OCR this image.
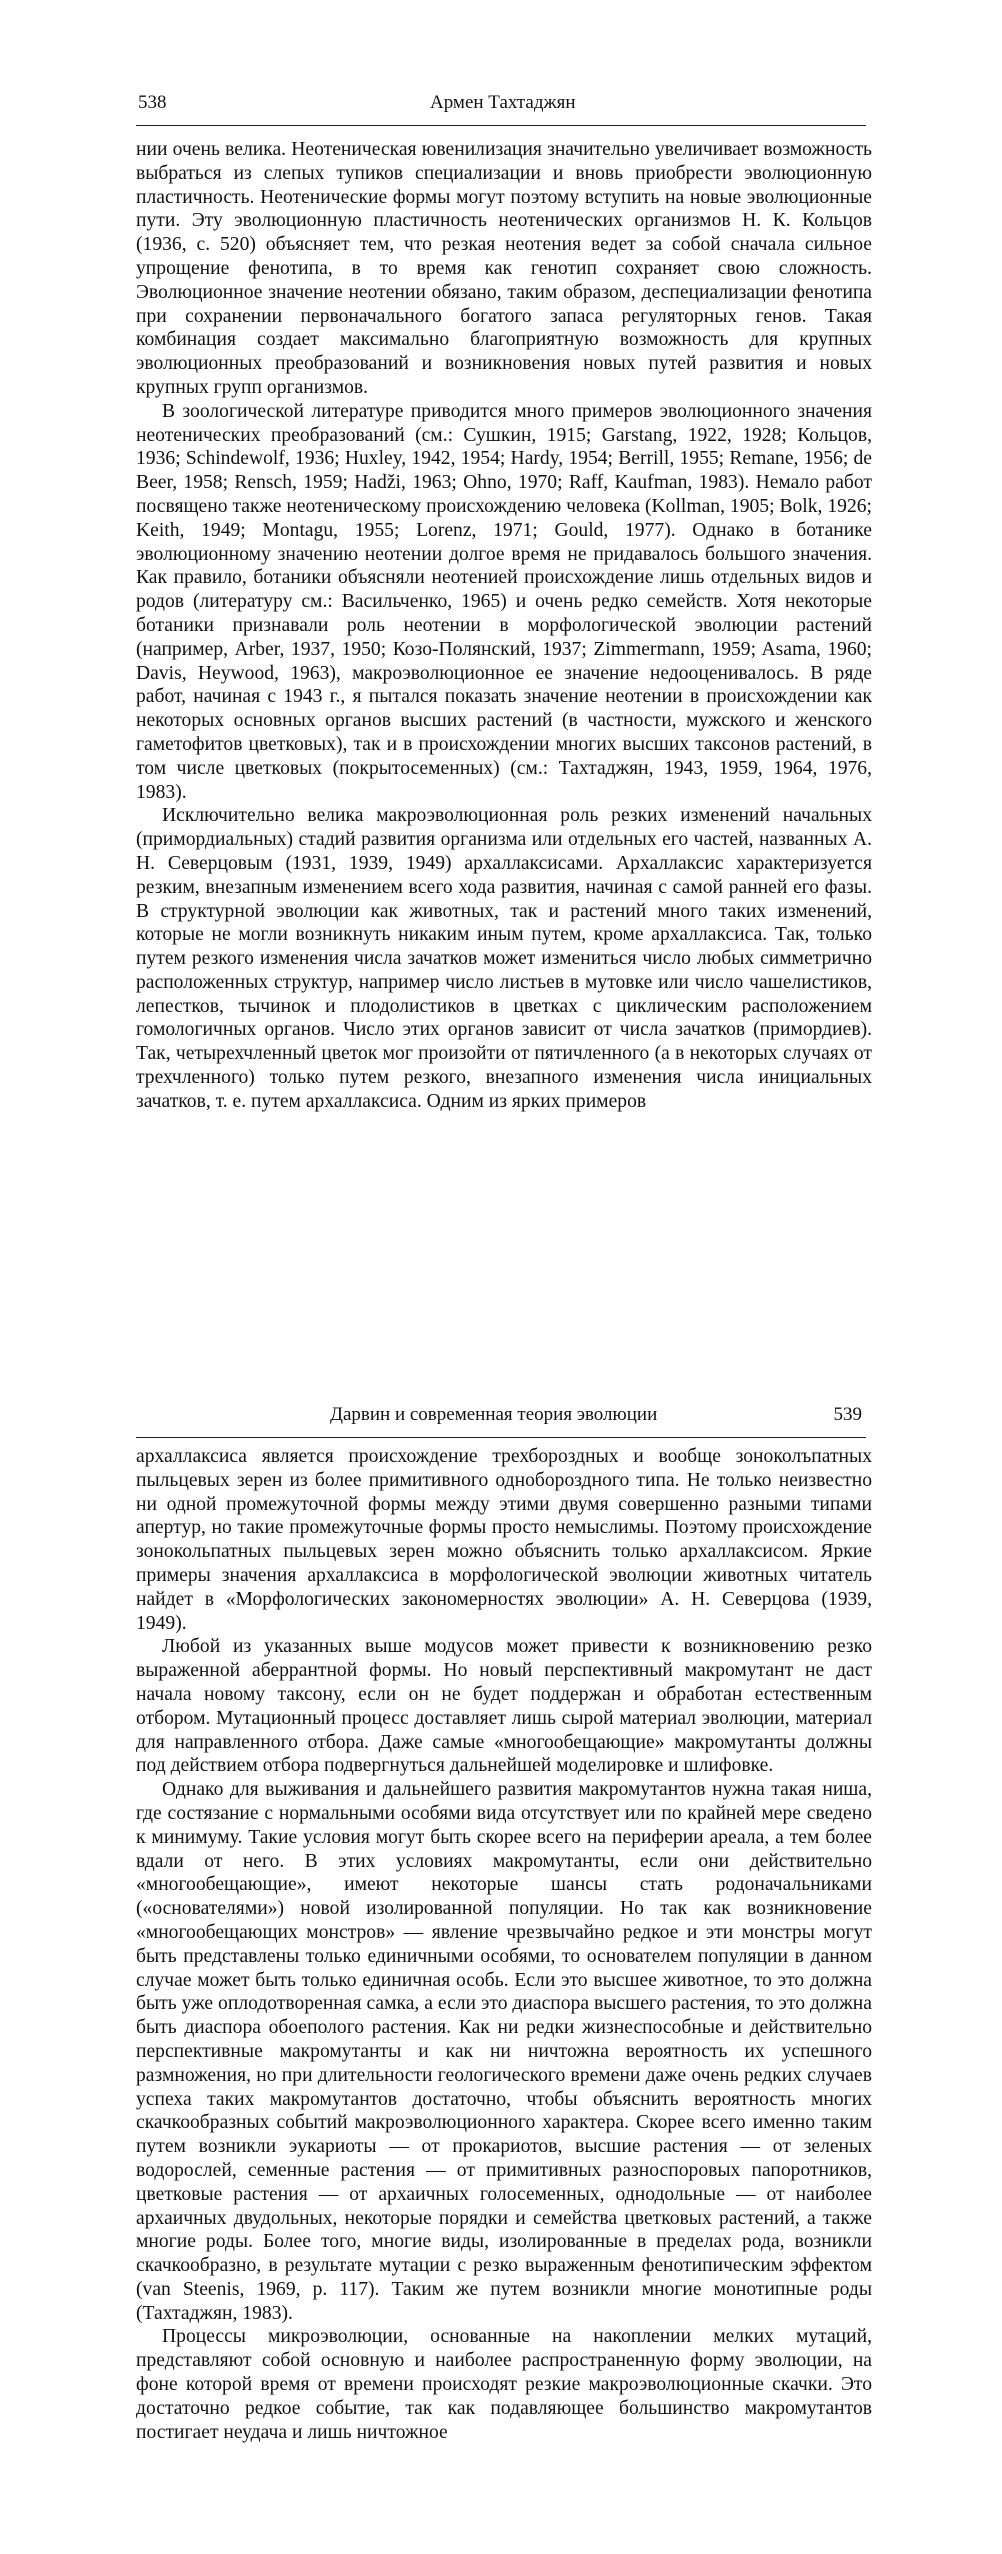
538	Армен Тахтаджян

нии очень велика. Неотеническая ювенилизация значительно увеличивает возможность выбраться из слепых тупиков специализации и вновь приобрести эволюционную пластичность. Неотенические формы могут поэтому вступить на новые эволюционные пути. Эту эволюционную пластичность неотенических организмов Н. К. Кольцов (1936, с. 520) объясняет тем, что резкая неотения ведет за собой сначала сильное упрощение фенотипа, в то время как генотип сохраняет свою сложность. Эволюционное значение неотении обязано, таким образом, деспециализации фенотипа при сохранении первоначального богатого запаса регуляторных генов. Такая комбинация создает максимально благоприятную возможность для крупных эволюционных преобразований и возникновения новых путей развития и новых крупных групп организмов.

В зоологической литературе приводится много примеров эволюционного значения неотенических преобразований (см.: Сушкин, 1915; Garstang, 1922, 1928; Кольцов, 1936; Schindewolf, 1936; Huxley, 1942, 1954; Hardy, 1954; Berrill, 1955; Remane, 1956; de Beer, 1958; Rensch, 1959; Hadži, 1963; Ohno, 1970; Raff, Kaufman, 1983). Немало работ посвящено также неотеническому происхождению человека (Kollman, 1905; Bolk, 1926; Keith, 1949; Montagu, 1955; Lorenz, 1971; Gould, 1977). Однако в ботанике эволюционному значению неотении долгое время не придавалось большого значения. Как правило, ботаники объясняли неотенией происхождение лишь отдельных видов и родов (литературу см.: Васильченко, 1965) и очень редко семейств. Хотя некоторые ботаники признавали роль неотении в морфологической эволюции растений (например, Arber, 1937, 1950; Козо-Полянский, 1937; Zimmermann, 1959; Asama, 1960; Davis, Heywood, 1963), макроэволюционное ее значение недооценивалось. В ряде работ, начиная с 1943 г., я пытался показать значение неотении в происхождении как некоторых основных органов высших растений (в частности, мужского и женского гаметофитов цветковых), так и в происхождении многих высших таксонов растений, в том числе цветковых (покрытосеменных) (см.: Тахтаджян, 1943, 1959, 1964, 1976, 1983).

Исключительно велика макроэволюционная роль резких изменений начальных (примордиальных) стадий развития организма или отдельных его частей, названных А. Н. Северцовым (1931, 1939, 1949) архаллаксисами. Архаллаксис характеризуется резким, внезапным изменением всего хода развития, начиная с самой ранней его фазы. В структурной эволюции как животных, так и растений много таких изменений, которые не могли возникнуть никаким иным путем, кроме архаллаксиса. Так, только путем резкого изменения числа зачатков может измениться число любых симметрично расположенных структур, например число листьев в мутовке или число чашелистиков, лепестков, тычинок и плодолистиков в цветках с циклическим расположением гомологичных органов. Число этих органов зависит от числа зачатков (примордиев). Так, четырехчленный цветок мог произойти от пятичленного (а в некоторых случаях от трехчленного) только путем резкого, внезапного изменения числа инициальных зачатков, т. е. путем архаллаксиса. Одним из ярких примеров

Дарвин и современная теория эволюции	539

архаллаксиса является происхождение трехбороздных и вообще зоноколъпатных пыльцевых зерен из более примитивного однобороздного типа. Не только неизвестно ни одной промежуточной формы между этими двумя совершенно разными типами апертур, но такие промежуточные формы просто немыслимы. Поэтому происхождение зонокольпатных пыльцевых зерен можно объяснить только архаллаксисом. Яркие примеры значения архаллаксиса в морфологической эволюции животных читатель найдет в «Морфологических закономерностях эволюции» А. Н. Северцова (1939, 1949).

Любой из указанных выше модусов может привести к возникновению резко выраженной аберрантной формы. Но новый перспективный макромутант не даст начала новому таксону, если он не будет поддержан и обработан естественным отбором. Мутационный процесс доставляет лишь сырой материал эволюции, материал для направленного отбора. Даже самые «многообещающие» макромутанты должны под действием отбора подвергнуться дальнейшей моделировке и шлифовке.

Однако для выживания и дальнейшего развития макромутантов нужна такая ниша, где состязание с нормальными особями вида отсутствует или по крайней мере сведено к минимуму. Такие условия могут быть скорее всего на периферии ареала, а тем более вдали от него. В этих условиях макромутанты, если они действительно «многообещающие», имеют некоторые шансы стать родоначальниками («основателями») новой изолированной популяции. Но так как возникновение «многообещающих монстров» — явление чрезвычайно редкое и эти монстры могут быть представлены только единичными особями, то основателем популяции в данном случае может быть только единичная особь. Если это высшее животное, то это должна быть уже оплодотворенная самка, а если это диаспора высшего растения, то это должна быть диаспора обоеполого растения. Как ни редки жизнеспособные и действительно перспективные макромутанты и как ни ничтожна вероятность их успешного размножения, но при длительности геологического времени даже очень редких случаев успеха таких макромутантов достаточно, чтобы объяснить вероятность многих скачкообразных событий макроэволюционного характера. Скорее всего именно таким путем возникли эукариоты — от прокариотов, высшие растения — от зеленых водорослей, семенные растения — от примитивных разноспоровых папоротников, цветковые растения — от архаичных голосеменных, однодольные — от наиболее архаичных двудольных, некоторые порядки и семейства цветковых растений, а также многие роды. Более того, многие виды, изолированные в пределах рода, возникли скачкообразно, в результате мутации с резко выраженным фенотипическим эффектом (van Steenis, 1969, p. 117). Таким же путем возникли многие монотипные роды (Тахтаджян, 1983).

Процессы микроэволюции, основанные на накоплении мелких мутаций, представляют собой основную и наиболее распространенную форму эволюции, на фоне которой время от времени происходят резкие макроэволюционные скачки. Это достаточно редкое событие, так как подавляющее большинство макромутантов постигает неудача и лишь ничтожное
